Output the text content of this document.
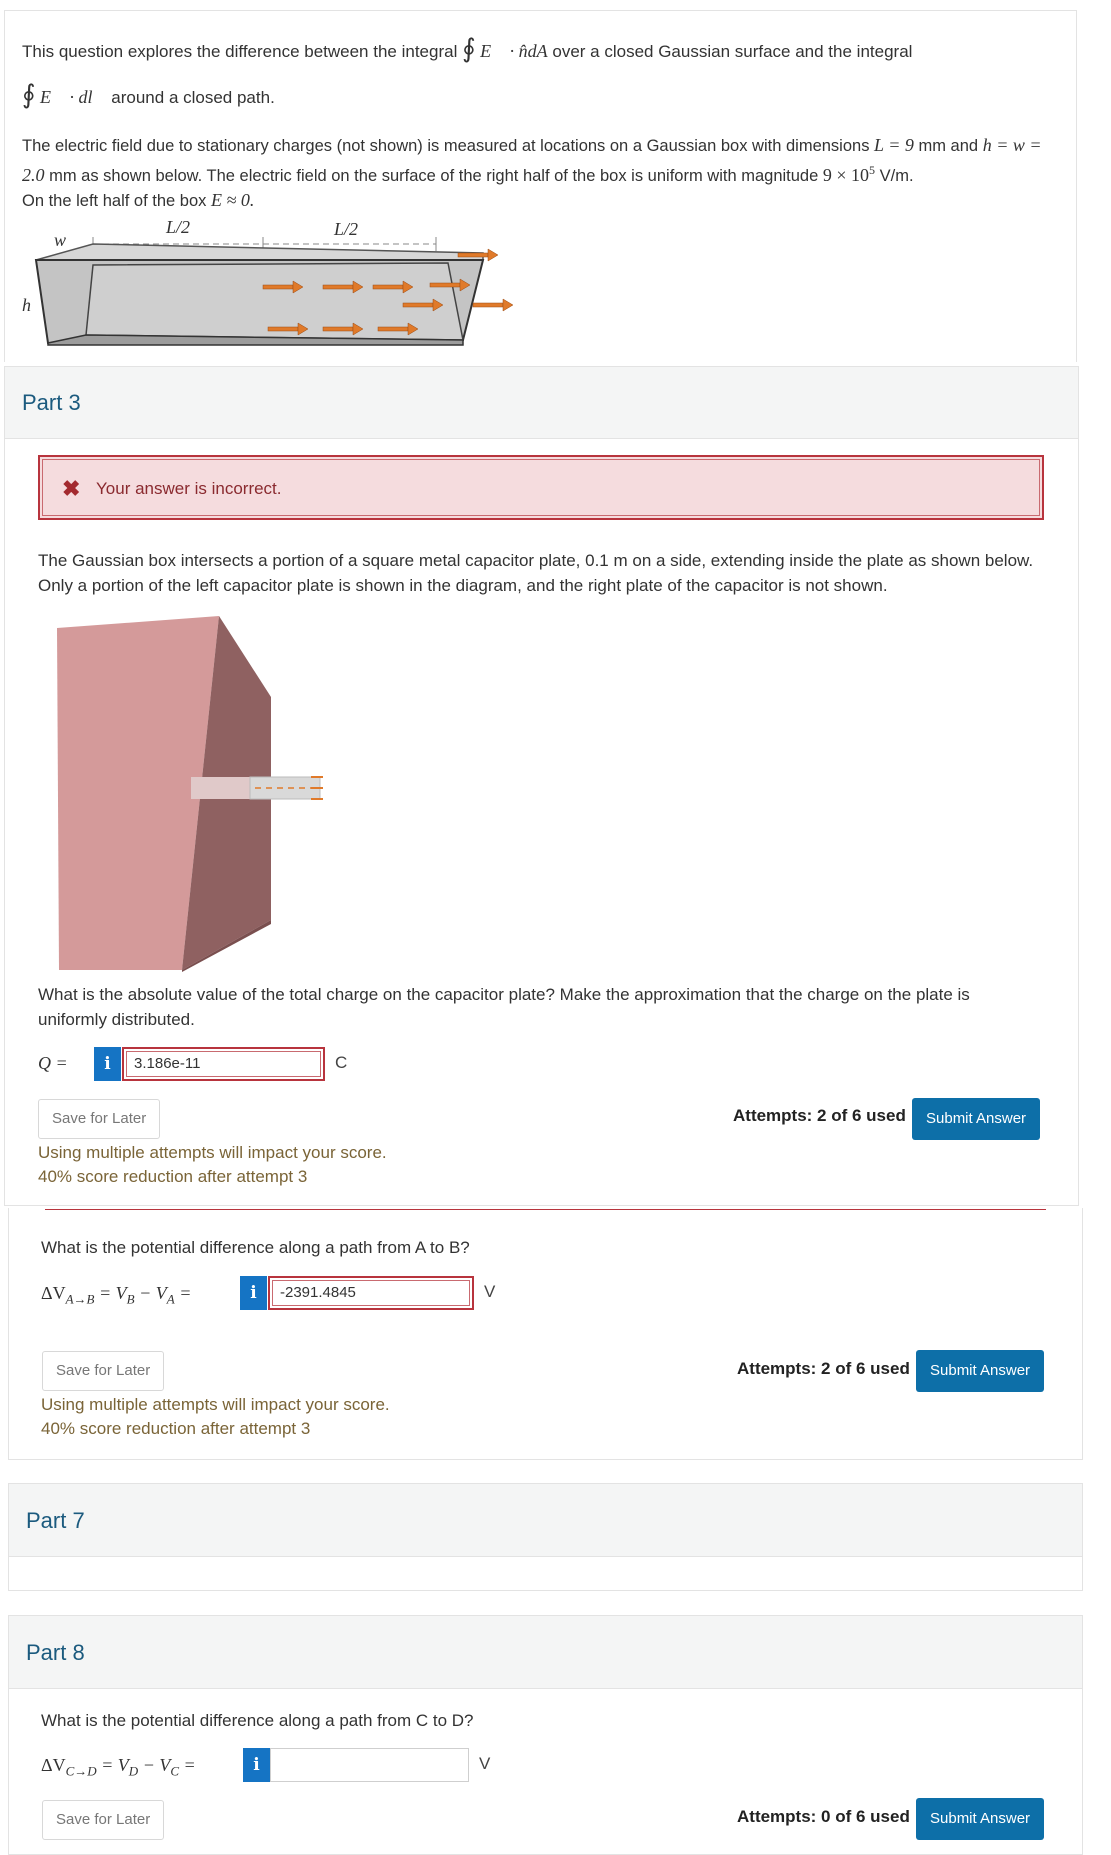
This question explores the difference between the integral ∮ E⃗ · n̂dA over a closed Gaussian surface and the integral
∮ E⃗ · dl⃗ around a closed path.
The electric field due to stationary charges (not shown) is measured at locations on a Gaussian box with dimensions L = 9 mm and h = w = 2.0 mm as shown below. The electric field on the surface of the right half of the box is uniform with magnitude $9 \times 10^5$ V/m.
On the left half of the box E ≈ 0.
w
h
L/2	L/2
Part 3
✖ Your answer is incorrect.
The Gaussian box intersects a portion of a square metal capacitor plate, 0.1 m on a side, extending inside the plate as shown below. Only a portion of the left capacitor plate is shown in the diagram, and the right plate of the capacitor is not shown.
What is the absolute value of the total charge on the capacitor plate? Make the approximation that the charge on the plate is uniformly distributed.
Q =	i	3.186e-11	C
Save for Later	Attempts: 2 of 6 used	Submit Answer
Using multiple attempts will impact your score.
40% score reduction after attempt 3
What is the potential difference along a path from A to B?
$\Delta V_{A\to B} = V_B - V_A$ =	i	-2391.4845	V
Save for Later	Attempts: 2 of 6 used	Submit Answer
Using multiple attempts will impact your score.
40% score reduction after attempt 3
Part 7
Part 8
What is the potential difference along a path from C to D?
$\Delta V_{C\to D} = V_D - V_C$ =	i	V
Save for Later	Attempts: 0 of 6 used	Submit Answer
